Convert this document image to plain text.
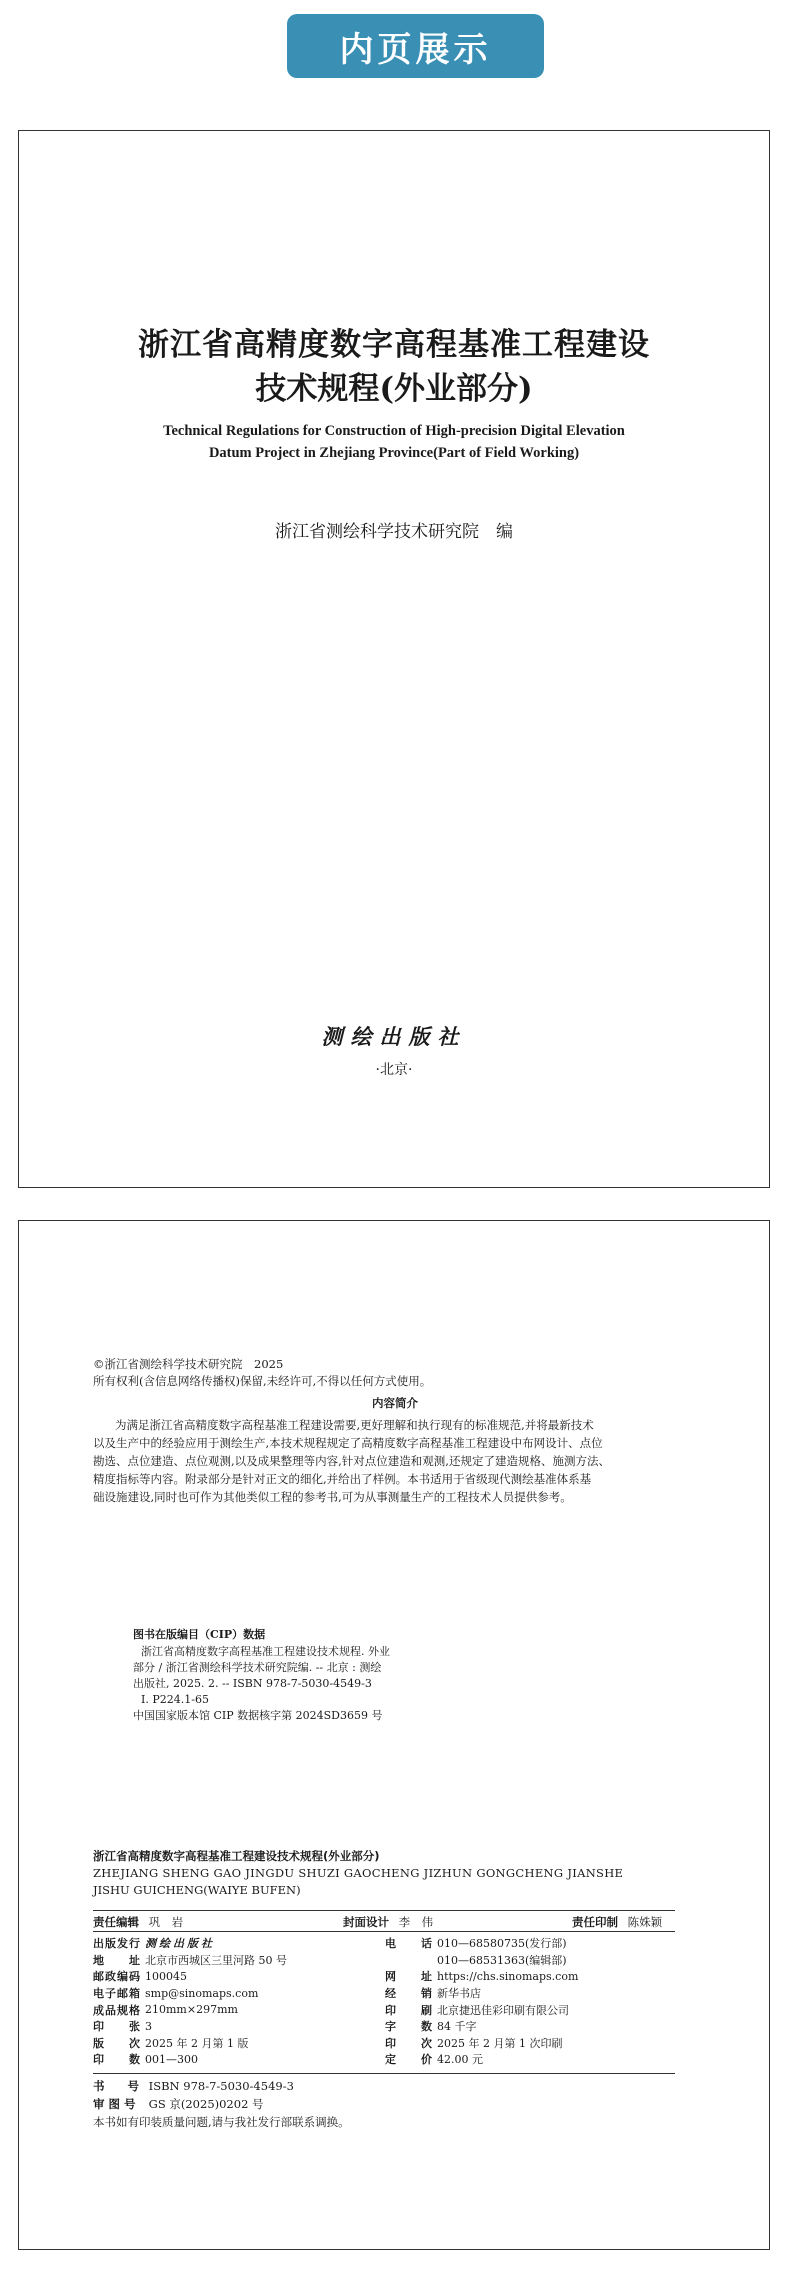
内页展示
浙江省高精度数字高程基准工程建设
技术规程(外业部分)
Technical Regulations for Construction of High-precision Digital Elevation
Datum Project in Zhejiang Province(Part of Field Working)
浙江省测绘科学技术研究院　编
测绘出版社
·北京·
©浙江省测绘科学技术研究院　2025
所有权利(含信息网络传播权)保留,未经许可,不得以任何方式使用。
内容简介
为满足浙江省高精度数字高程基准工程建设需要,更好理解和执行现有的标准规范,并将最新技术
以及生产中的经验应用于测绘生产,本技术规程规定了高精度数字高程基准工程建设中布网设计、点位
勘选、点位建造、点位观测,以及成果整理等内容,针对点位建造和观测,还规定了建造规格、施测方法、
精度指标等内容。附录部分是针对正文的细化,并给出了样例。本书适用于省级现代测绘基准体系基
础设施建设,同时也可作为其他类似工程的参考书,可为从事测量生产的工程技术人员提供参考。
图书在版编目（CIP）数据
浙江省高精度数字高程基准工程建设技术规程. 外业
部分 / 浙江省测绘科学技术研究院编. -- 北京 : 测绘
出版社, 2025. 2. -- ISBN 978-7-5030-4549-3
Ⅰ. P224.1-65
中国国家版本馆 CIP 数据核字第 2024SD3659 号
浙江省高精度数字高程基准工程建设技术规程(外业部分)
ZHEJIANG SHENG GAO JINGDU SHUZI GAOCHENG JIZHUN GONGCHENG JIANSHE
JISHU GUICHENG(WAIYE BUFEN)
责任编辑 巩　岩	封面设计 李　伟	责任印制 陈姝颖
出版发行 测绘出版社	电　　话 010—68580735(发行部)
地　　址 北京市西城区三里河路 50 号	010—68531363(编辑部)
邮政编码 100045	网　　址 https://chs.sinomaps.com
电子邮箱 smp@sinomaps.com	经　　销 新华书店
成品规格 210mm×297mm	印　　刷 北京捷迅佳彩印刷有限公司
印　　张 3	字　　数 84 千字
版　　次 2025 年 2 月第 1 版	印　　次 2025 年 2 月第 1 次印刷
印　　数 001—300	定　　价 42.00 元
书　　号 ISBN 978-7-5030-4549-3
审 图 号 GS 京(2025)0202 号
本书如有印装质量问题,请与我社发行部联系调换。
